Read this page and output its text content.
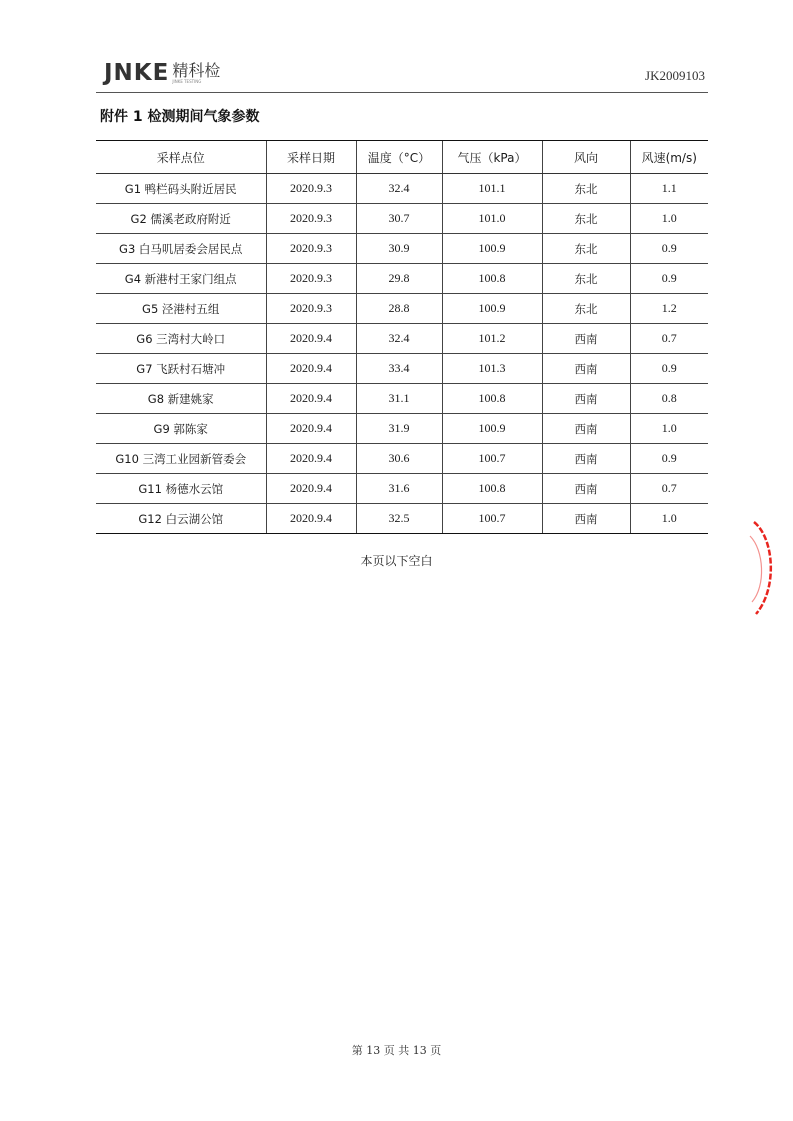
JNKE 精科检
JINKE TESTING	JK2009103
附件 1 检测期间气象参数
采样点位	采样日期	温度（°C）	气压（kPa）	风向	风速(m/s)
G1 鸭栏码头附近居民	2020.9.3	32.4	101.1	东北	1.1
G2 儒溪老政府附近	2020.9.3	30.7	101.0	东北	1.0
G3 白马叽居委会居民点	2020.9.3	30.9	100.9	东北	0.9
G4 新港村王家门组点	2020.9.3	29.8	100.8	东北	0.9
G5 泾港村五组	2020.9.3	28.8	100.9	东北	1.2
G6 三湾村大岭口	2020.9.4	32.4	101.2	西南	0.7
G7 飞跃村石塘冲	2020.9.4	33.4	101.3	西南	0.9
G8 新建姚家	2020.9.4	31.1	100.8	西南	0.8
G9 郭陈家	2020.9.4	31.9	100.9	西南	1.0
G10 三湾工业园新管委会	2020.9.4	30.6	100.7	西南	0.9
G11 杨德水云馆	2020.9.4	31.6	100.8	西南	0.7
G12 白云湖公馆	2020.9.4	32.5	100.7	西南	1.0
本页以下空白
第 13 页 共 13 页
